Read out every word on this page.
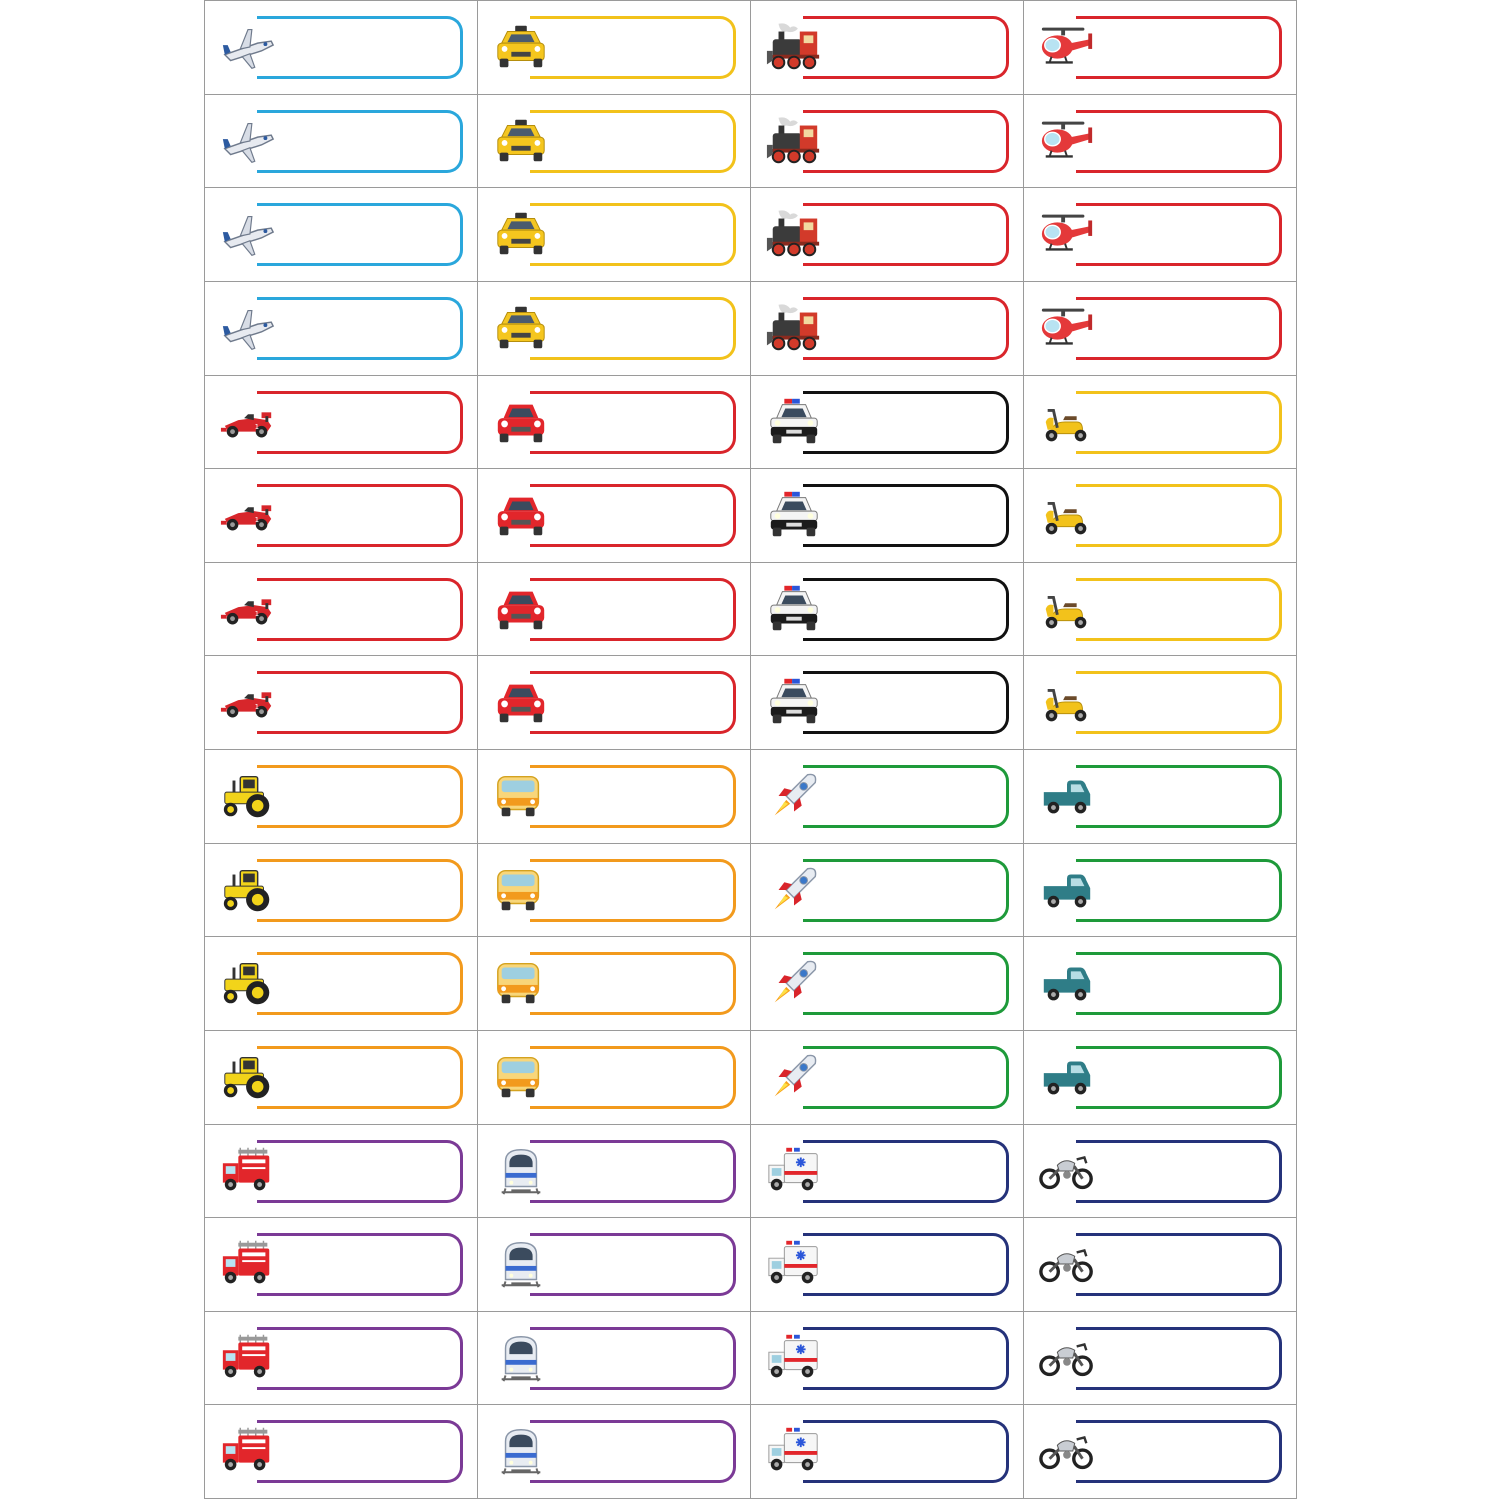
1
1
1
1
